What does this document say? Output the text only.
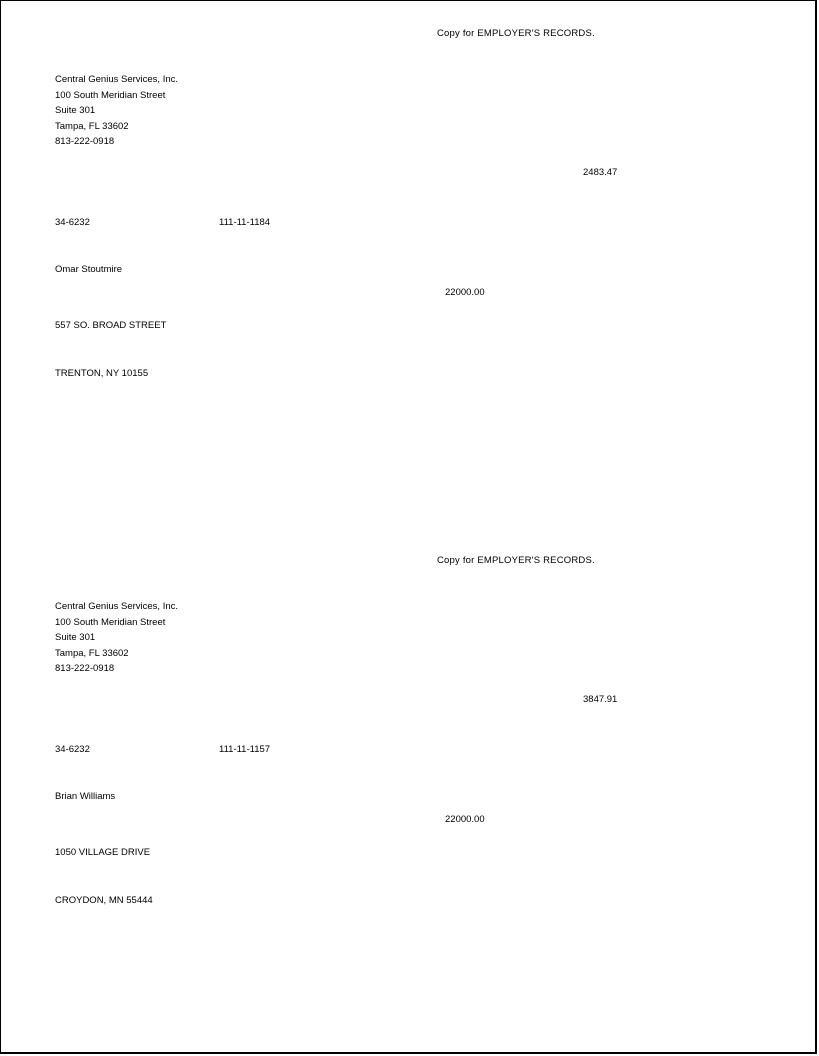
Copy for EMPLOYER'S RECORDS.
Central Genius Services, Inc.
100 South Meridian Street
Suite 301
Tampa, FL 33602
813-222-0918
2483.47
34-6232	111-11-1184
Omar Stoutmire
22000.00
557 SO. BROAD STREET
TRENTON, NY 10155
Copy for EMPLOYER'S RECORDS.
Central Genius Services, Inc.
100 South Meridian Street
Suite 301
Tampa, FL 33602
813-222-0918
3847.91
34-6232	111-11-1157
Brian Williams
22000.00
1050 VILLAGE DRIVE
CROYDON, MN 55444
